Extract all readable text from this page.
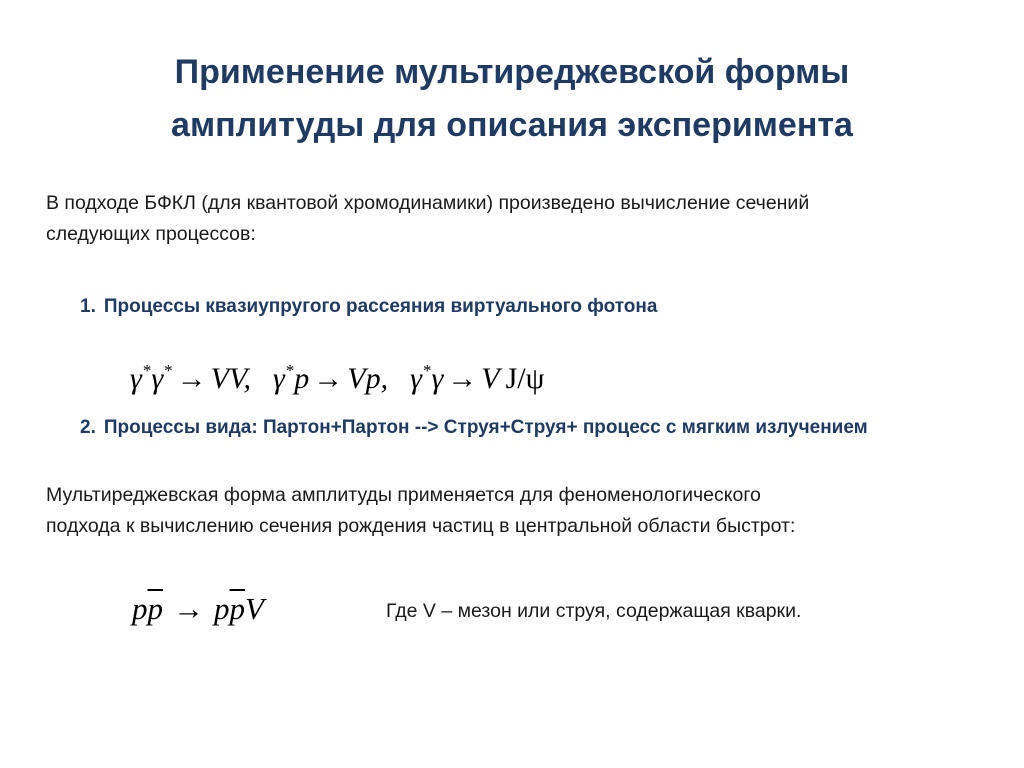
Применение мультиреджевской формы
амплитуды для описания эксперимента
В подходе БФКЛ (для квантовой хромодинамики) произведено вычисление сечений
следующих процессов:
1. Процессы квазиупругого рассеяния виртуального фотона
γ*γ* → VV, γ*p → Vp, γ*γ → V J/ψ
2. Процессы вида: Партон+Партон --> Струя+Струя+ процесс с мягким излучением
Мультиреджевская форма амплитуды применяется для феноменологического
подхода к вычислению сечения рождения частиц в центральной области быстрот:
$p\overline{p} \to p\overline{p}V$	Где V – мезон или струя, содержащая кварки.
